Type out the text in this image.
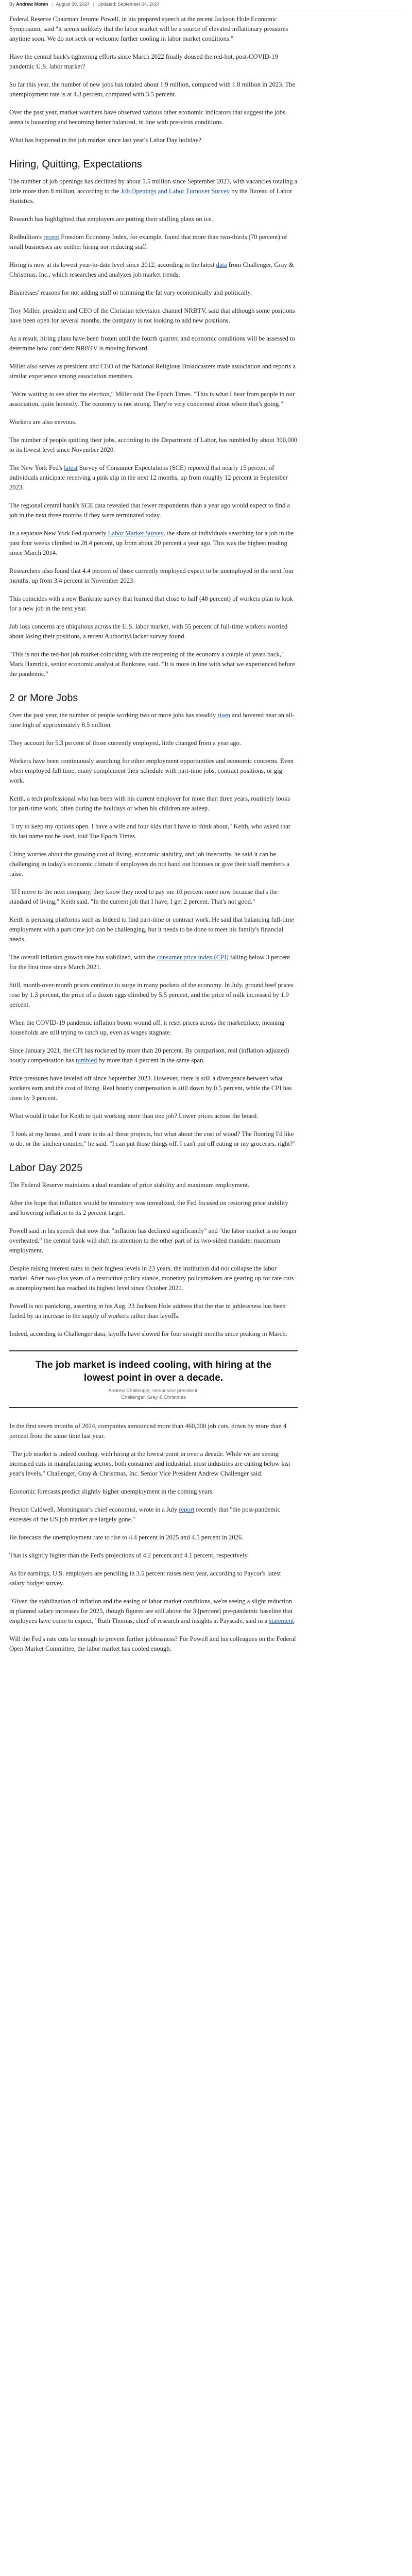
By Andrew Moran | August 30, 2024 | Updated: September 04, 2024

Federal Reserve Chairman Jerome Powell, in his prepared speech at the recent Jackson Hole Economic Symposium, said "it seems unlikely that the labor market will be a source of elevated inflationary pressures anytime soon. We do not seek or welcome further cooling in labor market conditions."

Have the central bank's tightening efforts since March 2022 finally doused the red-hot, post-COVID-19 pandemic U.S. labor market?

So far this year, the number of new jobs has totaled about 1.9 million, compared with 1.8 million in 2023. The unemployment rate is at 4.3 percent, compared with 3.5 percent.

Over the past year, market watchers have observed various other economic indicators that suggest the jobs arena is loosening and becoming better balanced, in line with pre-virus conditions.

What has happened in the job market since last year's Labor Day holiday?

Hiring, Quitting, Expectations

The number of job openings has declined by about 1.5 million since September 2023, with vacancies totaling a little more than 8 million, according to the Job Openings and Labor Turnover Survey by the Bureau of Labor Statistics.

Research has highlighted that employers are putting their staffing plans on ice.

Redbullion's recent Freedom Economy Index, for example, found that more than two-thirds (70 percent) of small businesses are neither hiring nor reducing staff.

Hiring is now at its lowest year-to-date level since 2012, according to the latest data from Challenger, Gray & Christmas, Inc., which researches and analyzes job market trends.

Businesses' reasons for not adding staff or trimming the fat vary economically and politically.

Troy Miller, president and CEO of the Christian television channel NRBTV, said that although some positions have been open for several months, the company is not looking to add new positions.

As a result, hiring plans have been frozen until the fourth quarter, and economic conditions will be assessed to determine how confident NRBTV is moving forward.

Miller also serves as president and CEO of the National Religious Broadcasters trade association and reports a similar experience among association members.

"We're waiting to see after the election," Miller told The Epoch Times. "This is what I hear from people in our association, quite honestly. The economy is not strong. They're very concerned about where that's going."

Workers are also nervous.

The number of people quitting their jobs, according to the Department of Labor, has tumbled by about 300,000 to its lowest level since November 2020.

The New York Fed's latest Survey of Consumer Expectations (SCE) reported that nearly 15 percent of individuals anticipate receiving a pink slip in the next 12 months, up from roughly 12 percent in September 2023.

The regional central bank's SCE data revealed that fewer respondents than a year ago would expect to find a job in the next three months if they were terminated today.

In a separate New York Fed quarterly Labor Market Survey, the share of individuals searching for a job in the past four weeks climbed to 28.4 percent, up from about 20 percent a year ago. This was the highest reading since March 2014.

Researchers also found that 4.4 percent of those currently employed expect to be unemployed in the next four months, up from 3.4 percent in November 2023.

This coincides with a new Bankrate survey that learned that close to half (48 percent) of workers plan to look for a new job in the next year.

Job loss concerns are ubiquitous across the U.S. labor market, with 55 percent of full-time workers worried about losing their positions, a recent AuthorityHacker survey found.

"This is not the red-hot job market coinciding with the reopening of the economy a couple of years back," Mark Hamrick, senior economic analyst at Bankrate, said. "It is more in line with what we experienced before the pandemic."

2 or More Jobs

Over the past year, the number of people working two or more jobs has steadily risen and hovered near an all-time high of approximately 8.5 million.

They account for 5.3 percent of those currently employed, little changed from a year ago.

Workers have been continuously searching for other employment opportunities and economic concerns. Even when employed full time, many complement their schedule with part-time jobs, contract positions, or gig work.

Keith, a tech professional who has been with his current employer for more than three years, routinely looks for part-time work, often during the holidays or when his children are asleep.

"I try to keep my options open. I have a wife and four kids that I have to think about," Keith, who asked that his last name not be used, told The Epoch Times.

Citing worries about the growing cost of living, economic stability, and job insecurity, he said it can be challenging in today's economic climate if employees do not hand out bonuses or give their staff members a raise.

"If I move to the next company, they know they need to pay me 10 percent more now because that's the standard of living," Keith said. "In the current job that I have, I get 2 percent. That's not good."

Keith is perusing platforms such as Indeed to find part-time or contract work. He said that balancing full-time employment with a part-time job can be challenging, but it needs to be done to meet his family's financial needs.

The overall inflation growth rate has stabilized, with the consumer price index (CPI) falling below 3 percent for the first time since March 2021.

Still, month-over-month prices continue to surge in many pockets of the economy. In July, ground beef prices rose by 1.3 percent, the price of a dozen eggs climbed by 5.5 percent, and the price of milk increased by 1.9 percent.

When the COVID-19 pandemic inflation boom wound off, it reset prices across the marketplace, meaning households are still trying to catch up, even as wages stagnate.

Since January 2021, the CPI has rocketed by more than 20 percent. By comparison, real (inflation-adjusted) hourly compensation has tumbled by more than 4 percent in the same span.

Price pressures have leveled off since September 2023. However, there is still a divergence between what workers earn and the cost of living. Real hourly compensation is still down by 0.5 percent, while the CPI has risen by 3 percent.

What would it take for Keith to quit working more than one job? Lower prices across the board.

"I look at my house, and I want to do all these projects, but what about the cost of wood? The flooring I'd like to do, or the kitchen counter," he said. "I can put those things off. I can't put off eating or my groceries, right?"

Labor Day 2025

The Federal Reserve maintains a dual mandate of price stability and maximum employment.

After the hope that inflation would be transitory was unrealized, the Fed focused on restoring price stability and lowering inflation to its 2 percent target.

Powell said in his speech that now that "inflation has declined significantly" and "the labor market is no longer overheated," the central bank will shift its attention to the other part of its two-sided mandate: maximum employment.

Despite raising interest rates to their highest levels in 23 years, the institution did not collapse the labor market. After two-plus years of a restrictive policy stance, monetary policymakers are gearing up for rate cuts as unemployment has reached its highest level since October 2021.

Powell is not panicking, asserting in his Aug. 23 Jackson Hole address that the rise in joblessness has been fueled by an increase in the supply of workers rather than layoffs.

Indeed, according to Challenger data, layoffs have slowed for four straight months since peaking in March.

The job market is indeed cooling, with hiring at the lowest point in over a decade.
Andrew Challenger, senior vice president,
Challenger, Gray & Christmas

In the first seven months of 2024, companies announced more than 460,000 job cuts, down by more than 4 percent from the same time last year.

"The job market is indeed cooling, with hiring at the lowest point in over a decade. While we are seeing increased cuts in manufacturing sectors, both consumer and industrial, most industries are cutting below last year's levels," Challenger, Gray & Christmas, Inc. Senior Vice President Andrew Challenger said.

Economic forecasts predict slightly higher unemployment in the coming years.

Preston Caldwell, Morningstar's chief economist, wrote in a July report recently that "the post-pandemic excesses of the US job market are largely gone."

He forecasts the unemployment rate to rise to 4.4 percent in 2025 and 4.5 percent in 2026.

That is slightly higher than the Fed's projections of 4.2 percent and 4.1 percent, respectively.

As for earnings, U.S. employers are penciling in 3.5 percent raises next year, according to Paycor's latest salary budget survey.

"Given the stabilization of inflation and the easing of labor market conditions, we're seeing a slight reduction in planned salary increases for 2025, though figures are still above the 3 [percent] pre-pandemic baseline that employees have come to expect," Ruth Thomas, chief of research and insights at Payscale, said in a statement.

Will the Fed's rate cuts be enough to prevent further joblessness? For Powell and his colleagues on the Federal Open Market Committee, the labor market has cooled enough.
